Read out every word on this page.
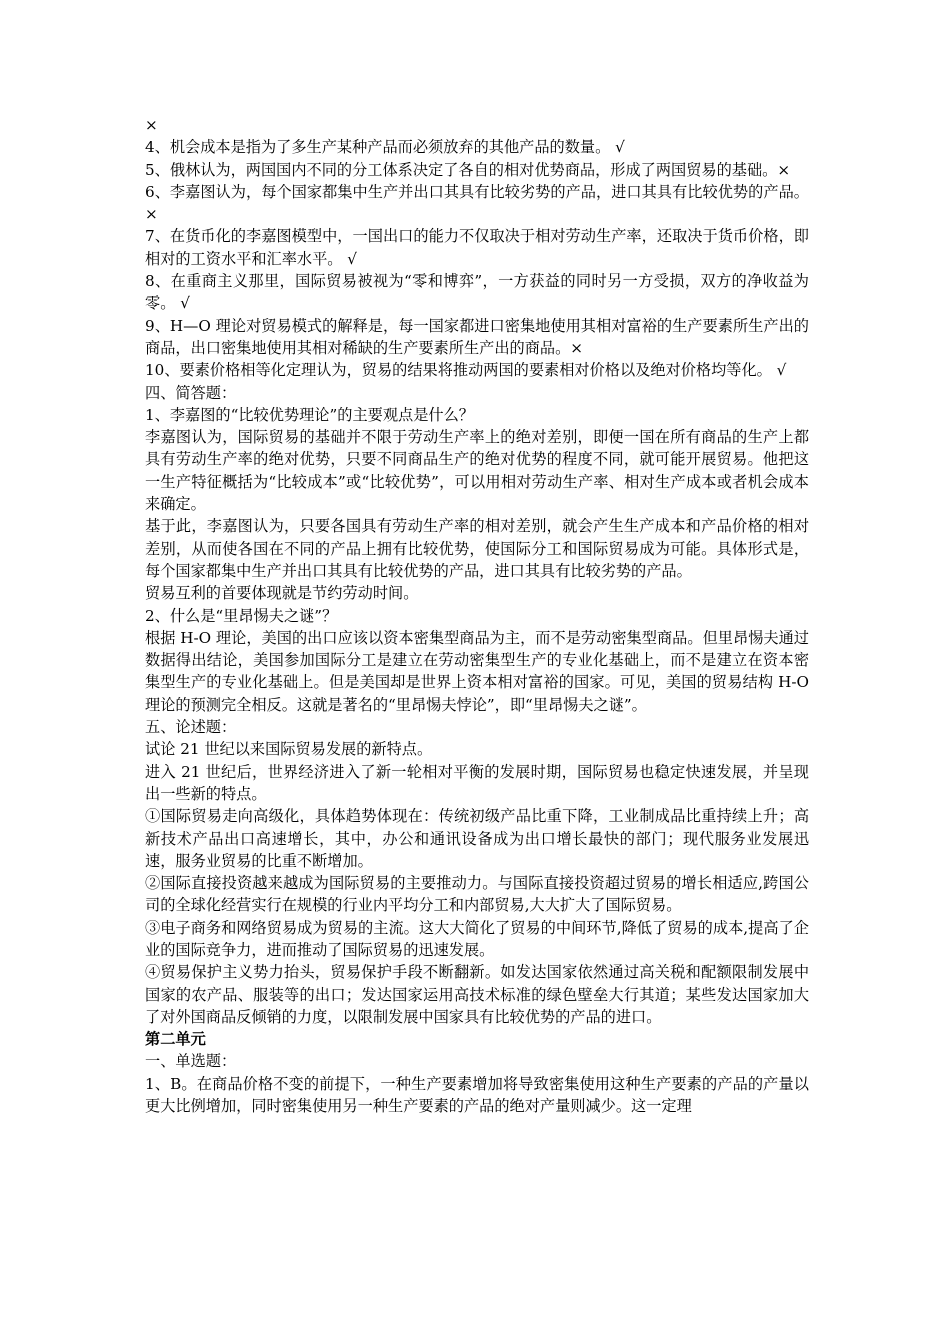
×

4、机会成本是指为了多生产某种产品而必须放弃的其他产品的数量。 √

5、俄林认为，两国国内不同的分工体系决定了各自的相对优势商品，形成了两国贸易的基础。×

6、李嘉图认为，每个国家都集中生产并出口其具有比较劣势的产品，进口其具有比较优势的产品。×

7、在货币化的李嘉图模型中，一国出口的能力不仅取决于相对劳动生产率，还取决于货币价格，即相对的工资水平和汇率水平。 √

8、在重商主义那里，国际贸易被视为“零和博弈”，一方获益的同时另一方受损，双方的净收益为零。 √

9、H—O 理论对贸易模式的解释是，每一国家都进口密集地使用其相对富裕的生产要素所生产出的商品，出口密集地使用其相对稀缺的生产要素所生产出的商品。×

10、要素价格相等化定理认为，贸易的结果将推动两国的要素相对价格以及绝对价格均等化。 √

四、简答题：

1、李嘉图的“比较优势理论”的主要观点是什么？

李嘉图认为，国际贸易的基础并不限于劳动生产率上的绝对差别，即便一国在所有商品的生产上都具有劳动生产率的绝对优势，只要不同商品生产的绝对优势的程度不同，就可能开展贸易。他把这一生产特征概括为“比较成本”或“比较优势”，可以用相对劳动生产率、相对生产成本或者机会成本来确定。

基于此，李嘉图认为，只要各国具有劳动生产率的相对差别，就会产生生产成本和产品价格的相对差别，从而使各国在不同的产品上拥有比较优势，使国际分工和国际贸易成为可能。具体形式是，每个国家都集中生产并出口其具有比较优势的产品，进口其具有比较劣势的产品。

贸易互利的首要体现就是节约劳动时间。

2、什么是“里昂惕夫之谜”？

根据 H-O 理论，美国的出口应该以资本密集型商品为主，而不是劳动密集型商品。但里昂惕夫通过数据得出结论，美国参加国际分工是建立在劳动密集型生产的专业化基础上，而不是建立在资本密集型生产的专业化基础上。但是美国却是世界上资本相对富裕的国家。可见，美国的贸易结构 H-O 理论的预测完全相反。这就是著名的“里昂惕夫悖论”，即“里昂惕夫之谜”。

五、论述题：

试论 21 世纪以来国际贸易发展的新特点。

进入 21 世纪后，世界经济进入了新一轮相对平衡的发展时期，国际贸易也稳定快速发展，并呈现出一些新的特点。

①国际贸易走向高级化，具体趋势体现在：传统初级产品比重下降，工业制成品比重持续上升；高新技术产品出口高速增长，其中，办公和通讯设备成为出口增长最快的部门；现代服务业发展迅速，服务业贸易的比重不断增加。

②国际直接投资越来越成为国际贸易的主要推动力。与国际直接投资超过贸易的增长相适应,跨国公司的全球化经营实行在规模的行业内平均分工和内部贸易,大大扩大了国际贸易。

③电子商务和网络贸易成为贸易的主流。这大大简化了贸易的中间环节,降低了贸易的成本,提高了企业的国际竞争力，进而推动了国际贸易的迅速发展。

④贸易保护主义势力抬头，贸易保护手段不断翻新。如发达国家依然通过高关税和配额限制发展中国家的农产品、服装等的出口；发达国家运用高技术标准的绿色壁垒大行其道；某些发达国家加大了对外国商品反倾销的力度，以限制发展中国家具有比较优势的产品的进口。

第二单元

一、单选题：

1、B。在商品价格不变的前提下，一种生产要素增加将导致密集使用这种生产要素的产品的产量以更大比例增加，同时密集使用另一种生产要素的产品的绝对产量则减少。这一定理
